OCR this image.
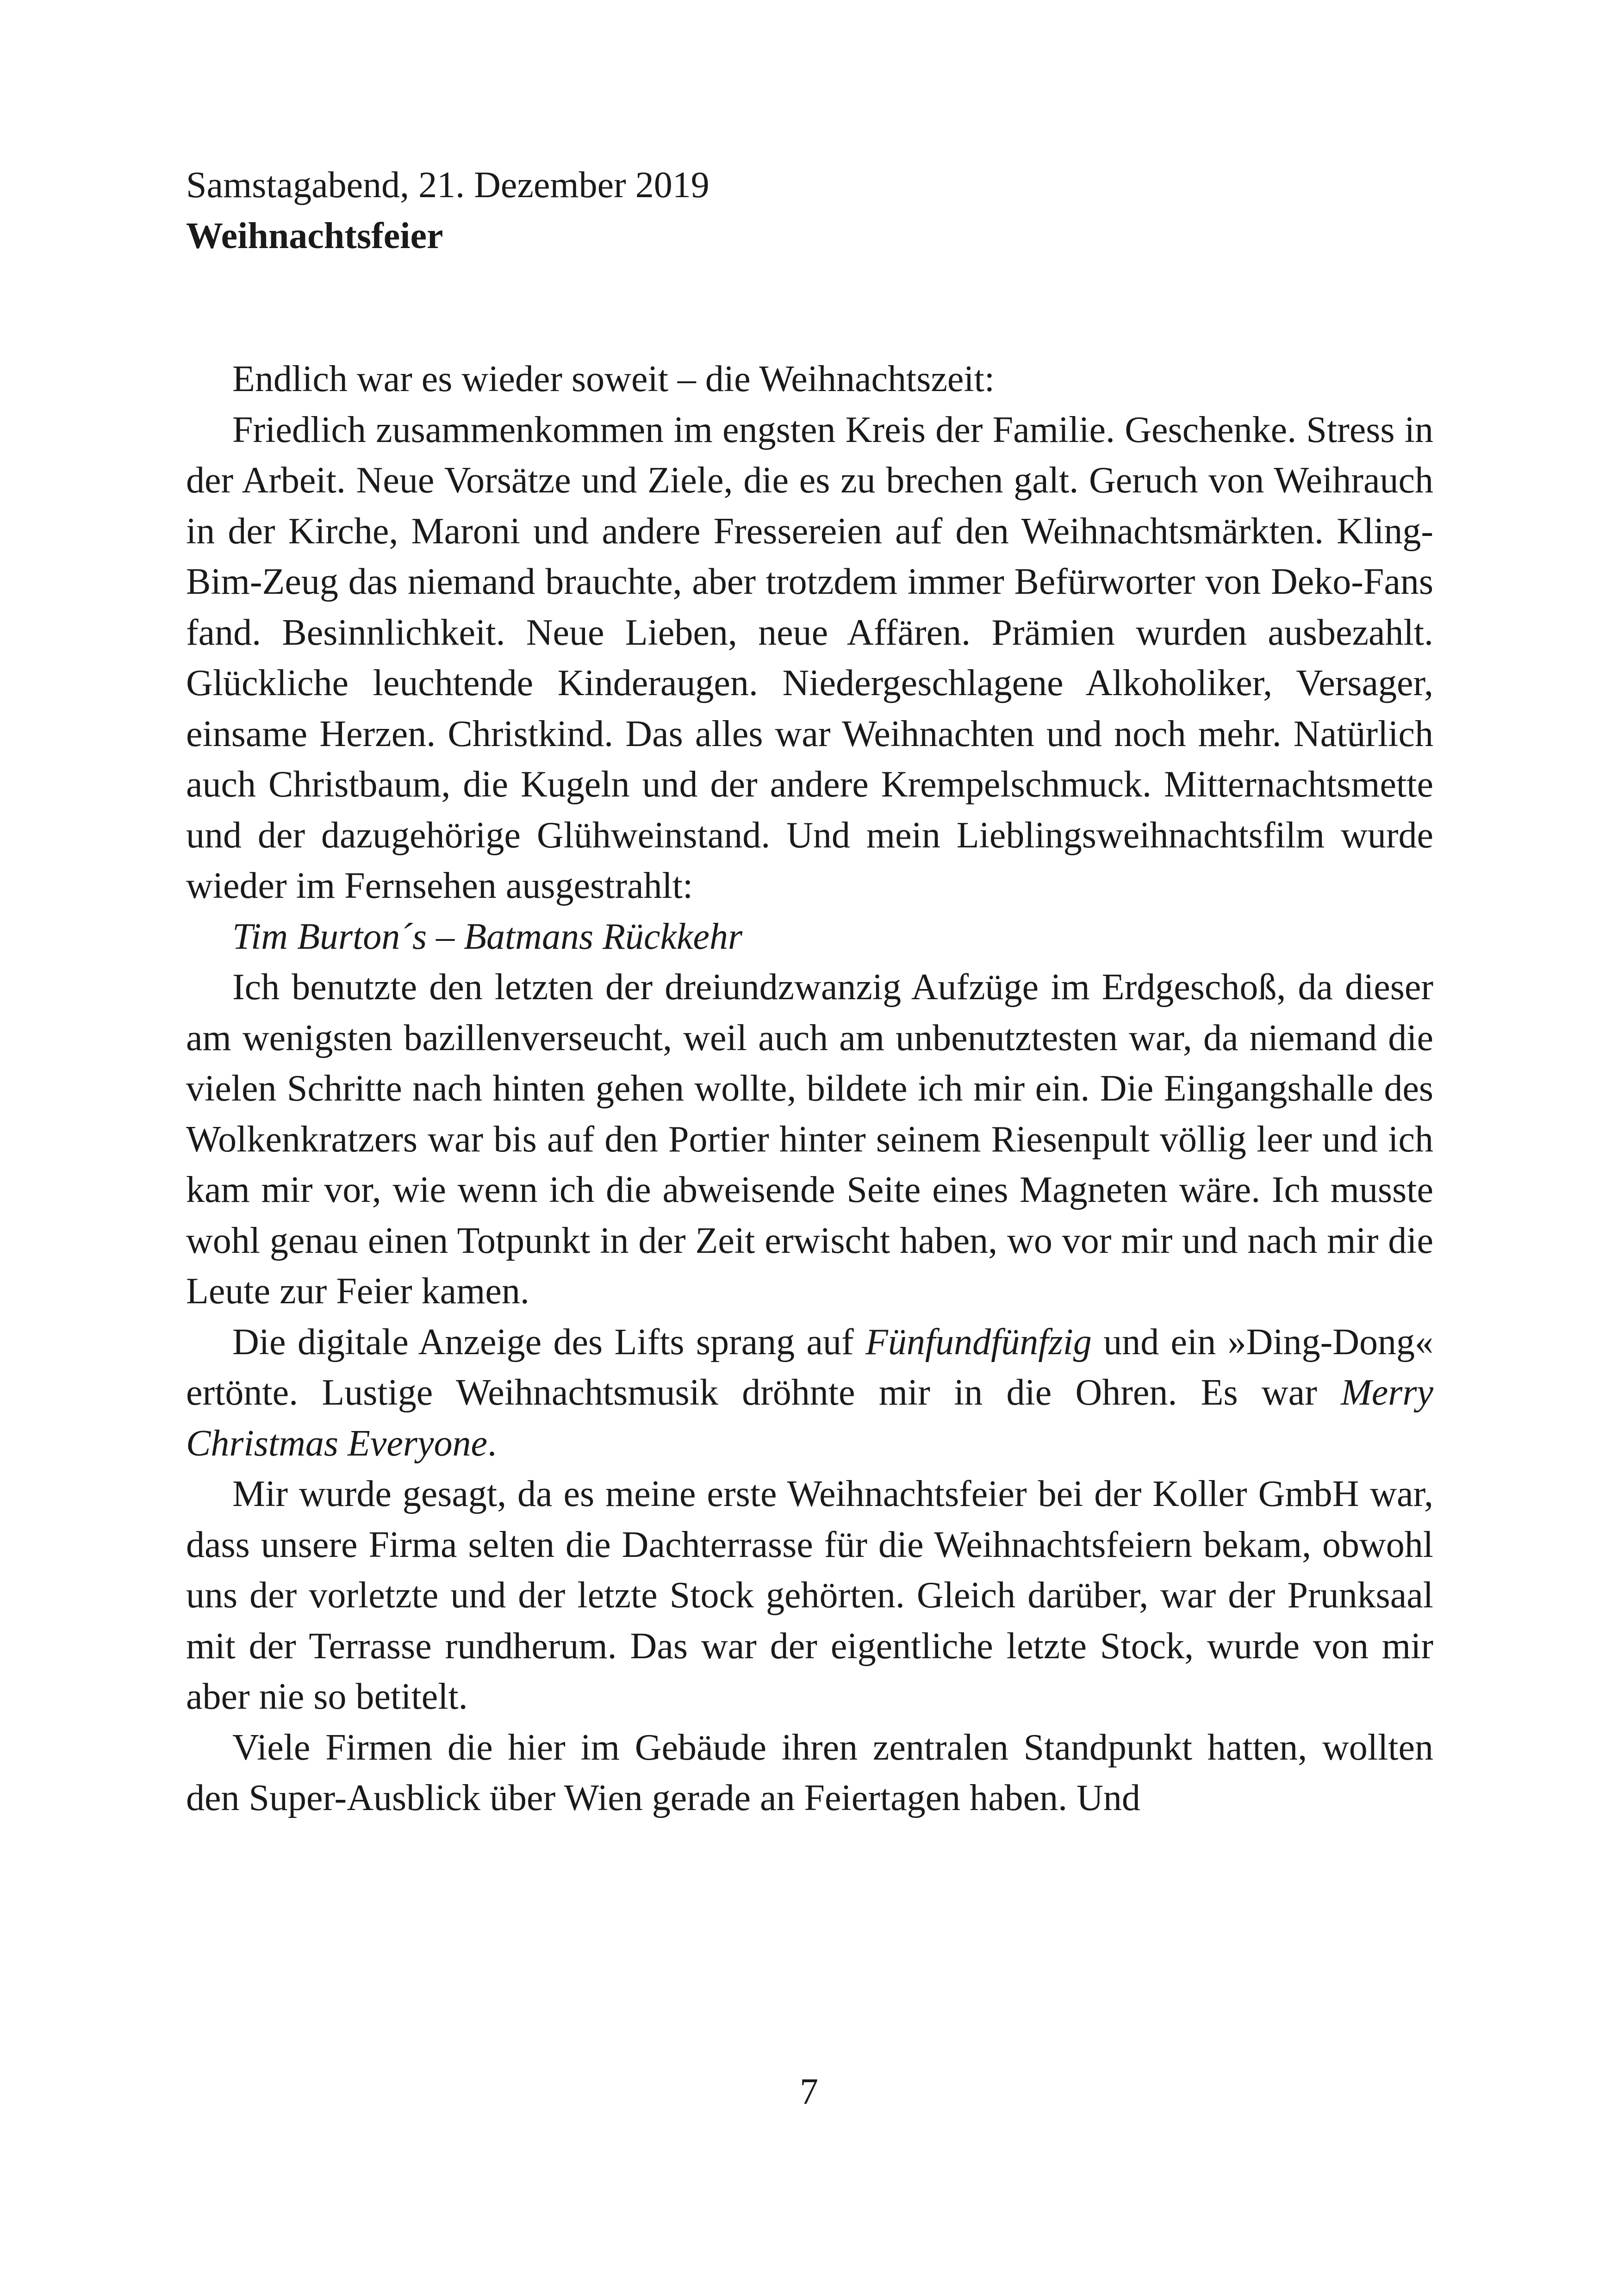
Samstagabend, 21. Dezember 2019

Weihnachtsfeier

Endlich war es wieder soweit – die Weihnachtszeit:

Friedlich zusammenkommen im engsten Kreis der Familie. Geschenke. Stress in der Arbeit. Neue Vorsätze und Ziele, die es zu brechen galt. Geruch von Weihrauch in der Kirche, Maroni und andere Fressereien auf den Weihnachtsmärkten. Kling-Bim-Zeug das niemand brauchte, aber trotzdem immer Befürworter von Deko-Fans fand. Besinnlichkeit. Neue Lieben, neue Affären. Prämien wurden ausbezahlt. Glückliche leuchtende Kinderaugen. Niedergeschlagene Alkoholiker, Versager, einsame Herzen. Christkind. Das alles war Weihnachten und noch mehr. Natürlich auch Christbaum, die Kugeln und der andere Krempelschmuck. Mitternachtsmette und der dazugehörige Glühweinstand. Und mein Lieblingsweihnachtsfilm wurde wieder im Fernsehen ausgestrahlt:

Tim Burton´s – Batmans Rückkehr

Ich benutzte den letzten der dreiundzwanzig Aufzüge im Erdgeschoß, da dieser am wenigsten bazillenverseucht, weil auch am unbenutztesten war, da niemand die vielen Schritte nach hinten gehen wollte, bildete ich mir ein. Die Eingangshalle des Wolkenkratzers war bis auf den Portier hinter seinem Riesenpult völlig leer und ich kam mir vor, wie wenn ich die abweisende Seite eines Magneten wäre. Ich musste wohl genau einen Totpunkt in der Zeit erwischt haben, wo vor mir und nach mir die Leute zur Feier kamen.

Die digitale Anzeige des Lifts sprang auf Fünfundfünfzig und ein »Ding-Dong« ertönte. Lustige Weihnachtsmusik dröhnte mir in die Ohren. Es war Merry Christmas Everyone.

Mir wurde gesagt, da es meine erste Weihnachtsfeier bei der Koller GmbH war, dass unsere Firma selten die Dachterrasse für die Weihnachtsfeiern bekam, obwohl uns der vorletzte und der letzte Stock gehörten. Gleich darüber, war der Prunksaal mit der Terrasse rundherum. Das war der eigentliche letzte Stock, wurde von mir aber nie so betitelt.

Viele Firmen die hier im Gebäude ihren zentralen Standpunkt hatten, wollten den Super-Ausblick über Wien gerade an Feiertagen haben. Und

7
